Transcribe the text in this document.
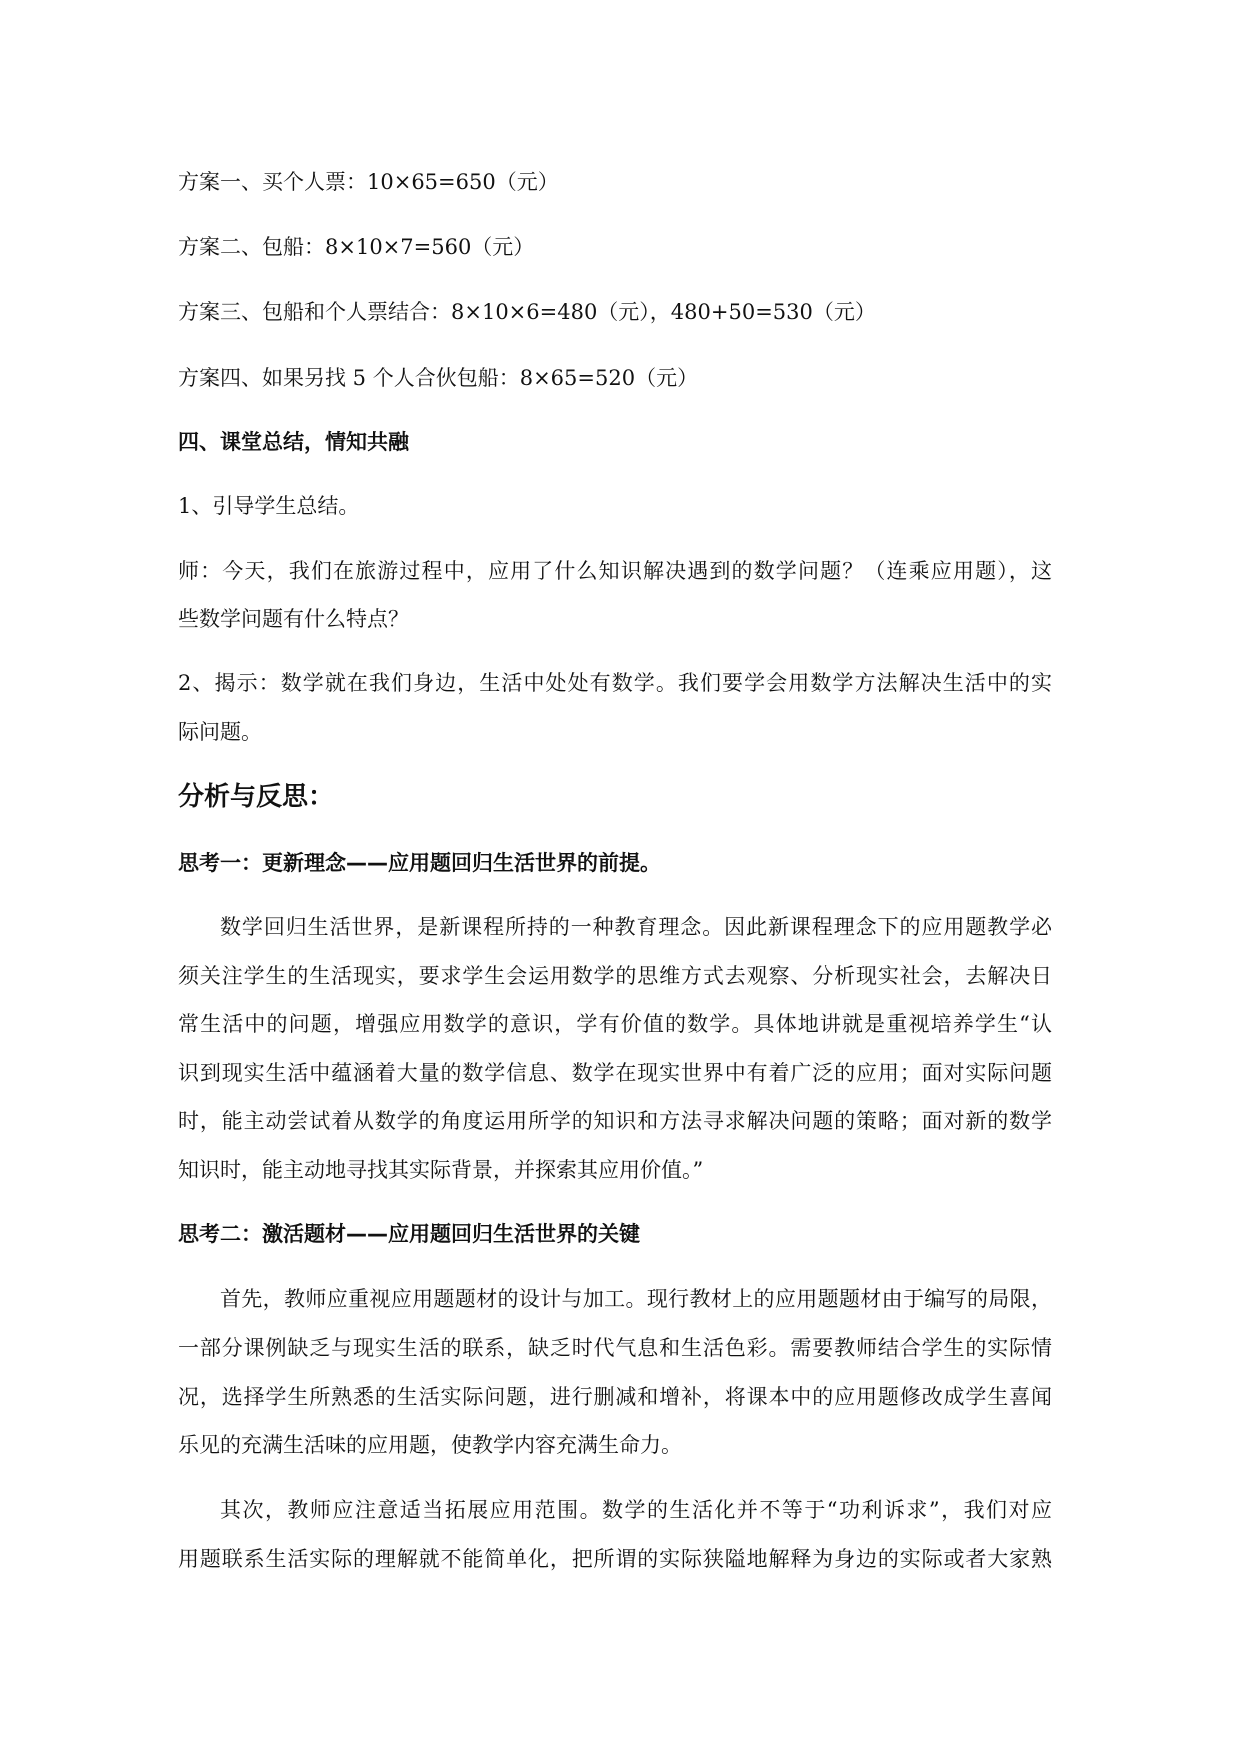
方案一、买个人票：10×65=650（元）
方案二、包船：8×10×7=560（元）
方案三、包船和个人票结合：8×10×6=480（元），480+50=530（元）
方案四、如果另找 5 个人合伙包船：8×65=520（元）
四、课堂总结，情知共融
1、引导学生总结。
师：今天，我们在旅游过程中，应用了什么知识解决遇到的数学问题？（连乘应用题），这
些数学问题有什么特点？
2、揭示：数学就在我们身边，生活中处处有数学。我们要学会用数学方法解决生活中的实
际问题。
分析与反思：
思考一：更新理念——应用题回归生活世界的前提。
数学回归生活世界，是新课程所持的一种教育理念。因此新课程理念下的应用题教学必
须关注学生的生活现实，要求学生会运用数学的思维方式去观察、分析现实社会，去解决日
常生活中的问题，增强应用数学的意识，学有价值的数学。具体地讲就是重视培养学生“认
识到现实生活中蕴涵着大量的数学信息、数学在现实世界中有着广泛的应用；面对实际问题
时，能主动尝试着从数学的角度运用所学的知识和方法寻求解决问题的策略；面对新的数学
知识时，能主动地寻找其实际背景，并探索其应用价值。”
思考二：激活题材——应用题回归生活世界的关键
首先，教师应重视应用题题材的设计与加工。现行教材上的应用题题材由于编写的局限，
一部分课例缺乏与现实生活的联系，缺乏时代气息和生活色彩。需要教师结合学生的实际情
况，选择学生所熟悉的生活实际问题，进行删减和增补，将课本中的应用题修改成学生喜闻
乐见的充满生活味的应用题，使教学内容充满生命力。
其次，教师应注意适当拓展应用范围。数学的生活化并不等于“功利诉求”，我们对应
用题联系生活实际的理解就不能简单化，把所谓的实际狭隘地解释为身边的实际或者大家熟
